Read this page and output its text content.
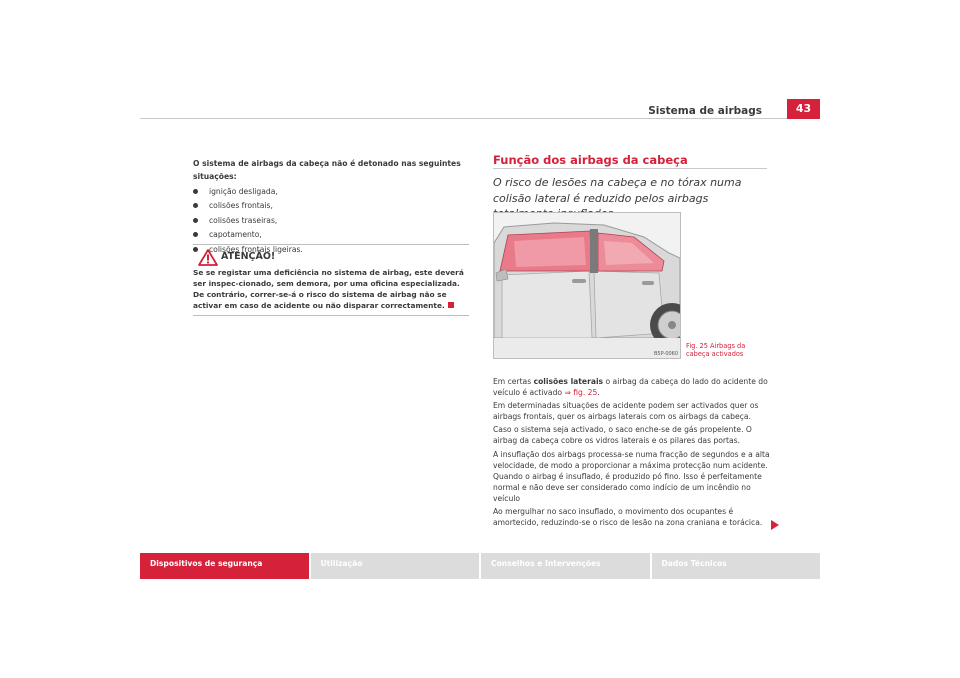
Sistema de airbags	43

O sistema de airbags da cabeça não é detonado nas seguintes situações:

ignição desligada,
colisões frontais,
colisões traseiras,
capotamento,
colisões frontais ligeiras.
ATENÇÃO!
Se se registar uma deficiência no sistema de airbag, este deverá ser inspec-cionado, sem demora, por uma oficina especializada. De contrário, correr-se-á o risco do sistema de airbag não se activar em caso de acidente ou não disparar correctamente.
Função dos airbags da cabeça
O risco de lesões na cabeça e no tórax numa colisão lateral é reduzido pelos airbags
B5P-0060
Fig. 25 Airbags da
cabeça activados

Em certas colisões laterais o airbag da cabeça do lado do acidente do veículo é activado ⇒ fig. 25.

Em determinadas situações de acidente podem ser activados quer os airbags frontais, quer os airbags laterais com os airbags da cabeça.

Caso o sistema seja activado, o saco enche-se de gás propelente. O airbag da cabeça cobre os vidros laterais e os pilares das portas.

A insuflação dos airbags processa-se numa fracção de segundos e a alta velocidade, de modo a proporcionar a máxima protecção num acidente. Quando o airbag é insuflado, é produzido pó fino. Isso é perfeitamente normal e não deve ser considerado como indício de um incêndio no veículo

Ao mergulhar no saco insuflado, o movimento dos ocupantes é amortecido, reduzindo-se o risco de lesão na zona craniana e torácica.

Dispositivos de segurança	Utilização	Conselhos e Intervenções	Dados Técnicos
